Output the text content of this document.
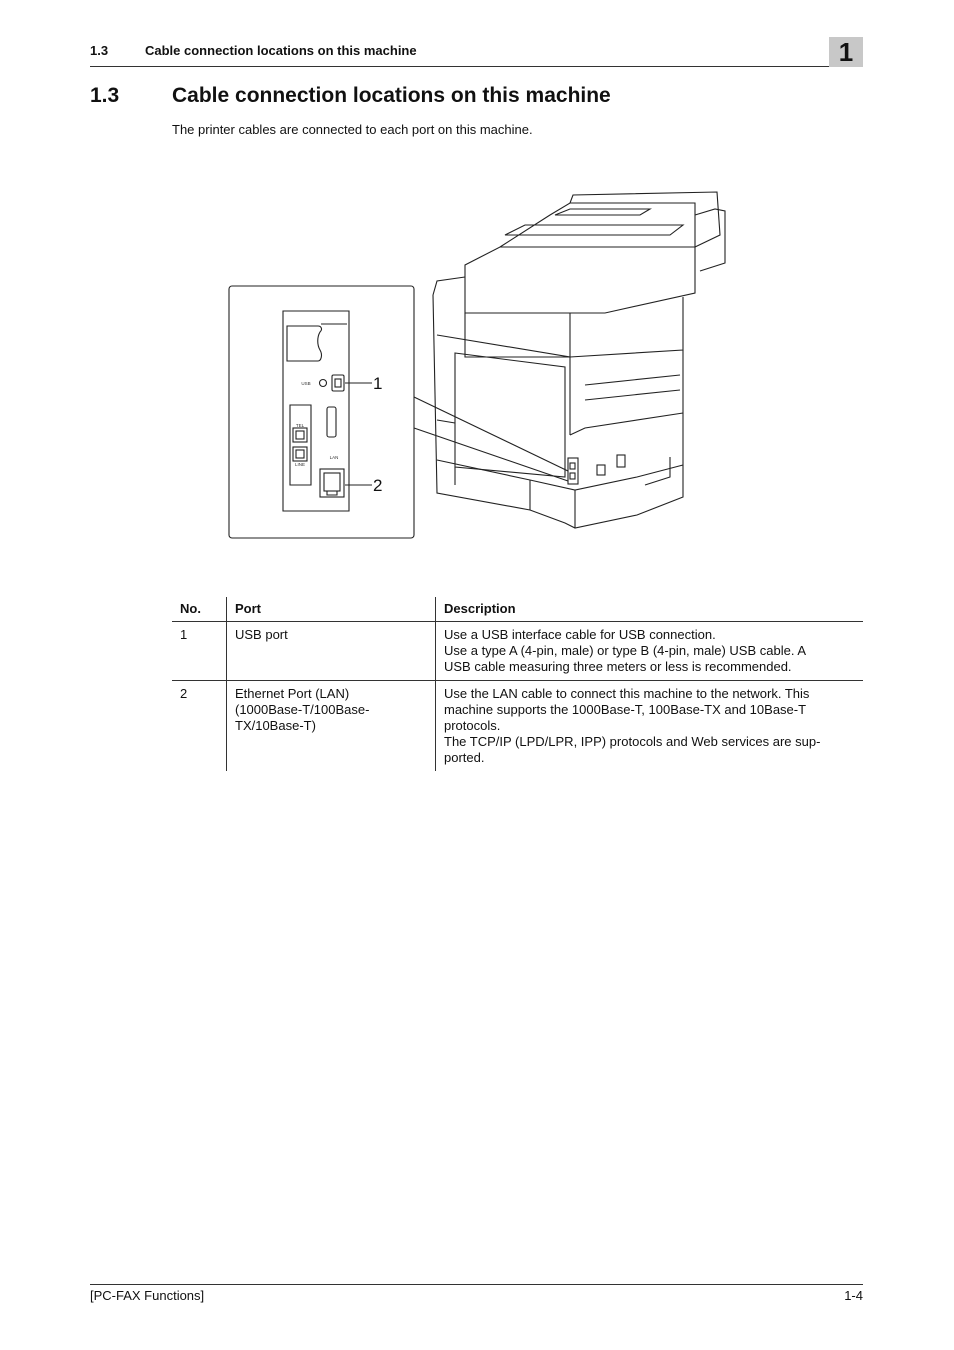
1.3	Cable connection locations on this machine	1
1.3	Cable connection locations on this machine
The printer cables are connected to each port on this machine.
USB
TEL
LINE
LAN
1
2
No.	Port	Description
1	USB port	Use a USB interface cable for USB connection.
Use a type A (4-pin, male) or type B (4-pin, male) USB cable. A
USB cable measuring three meters or less is recommended.

2	Ethernet Port (LAN)
(1000Base-T/100Base-
TX/10Base-T)	Use the LAN cable to connect this machine to the network. This
machine supports the 1000Base-T, 100Base-TX and 10Base-T
protocols.
The TCP/IP (LPD/LPR, IPP) protocols and Web services are sup-
ported.
[PC-FAX Functions]	1-4
